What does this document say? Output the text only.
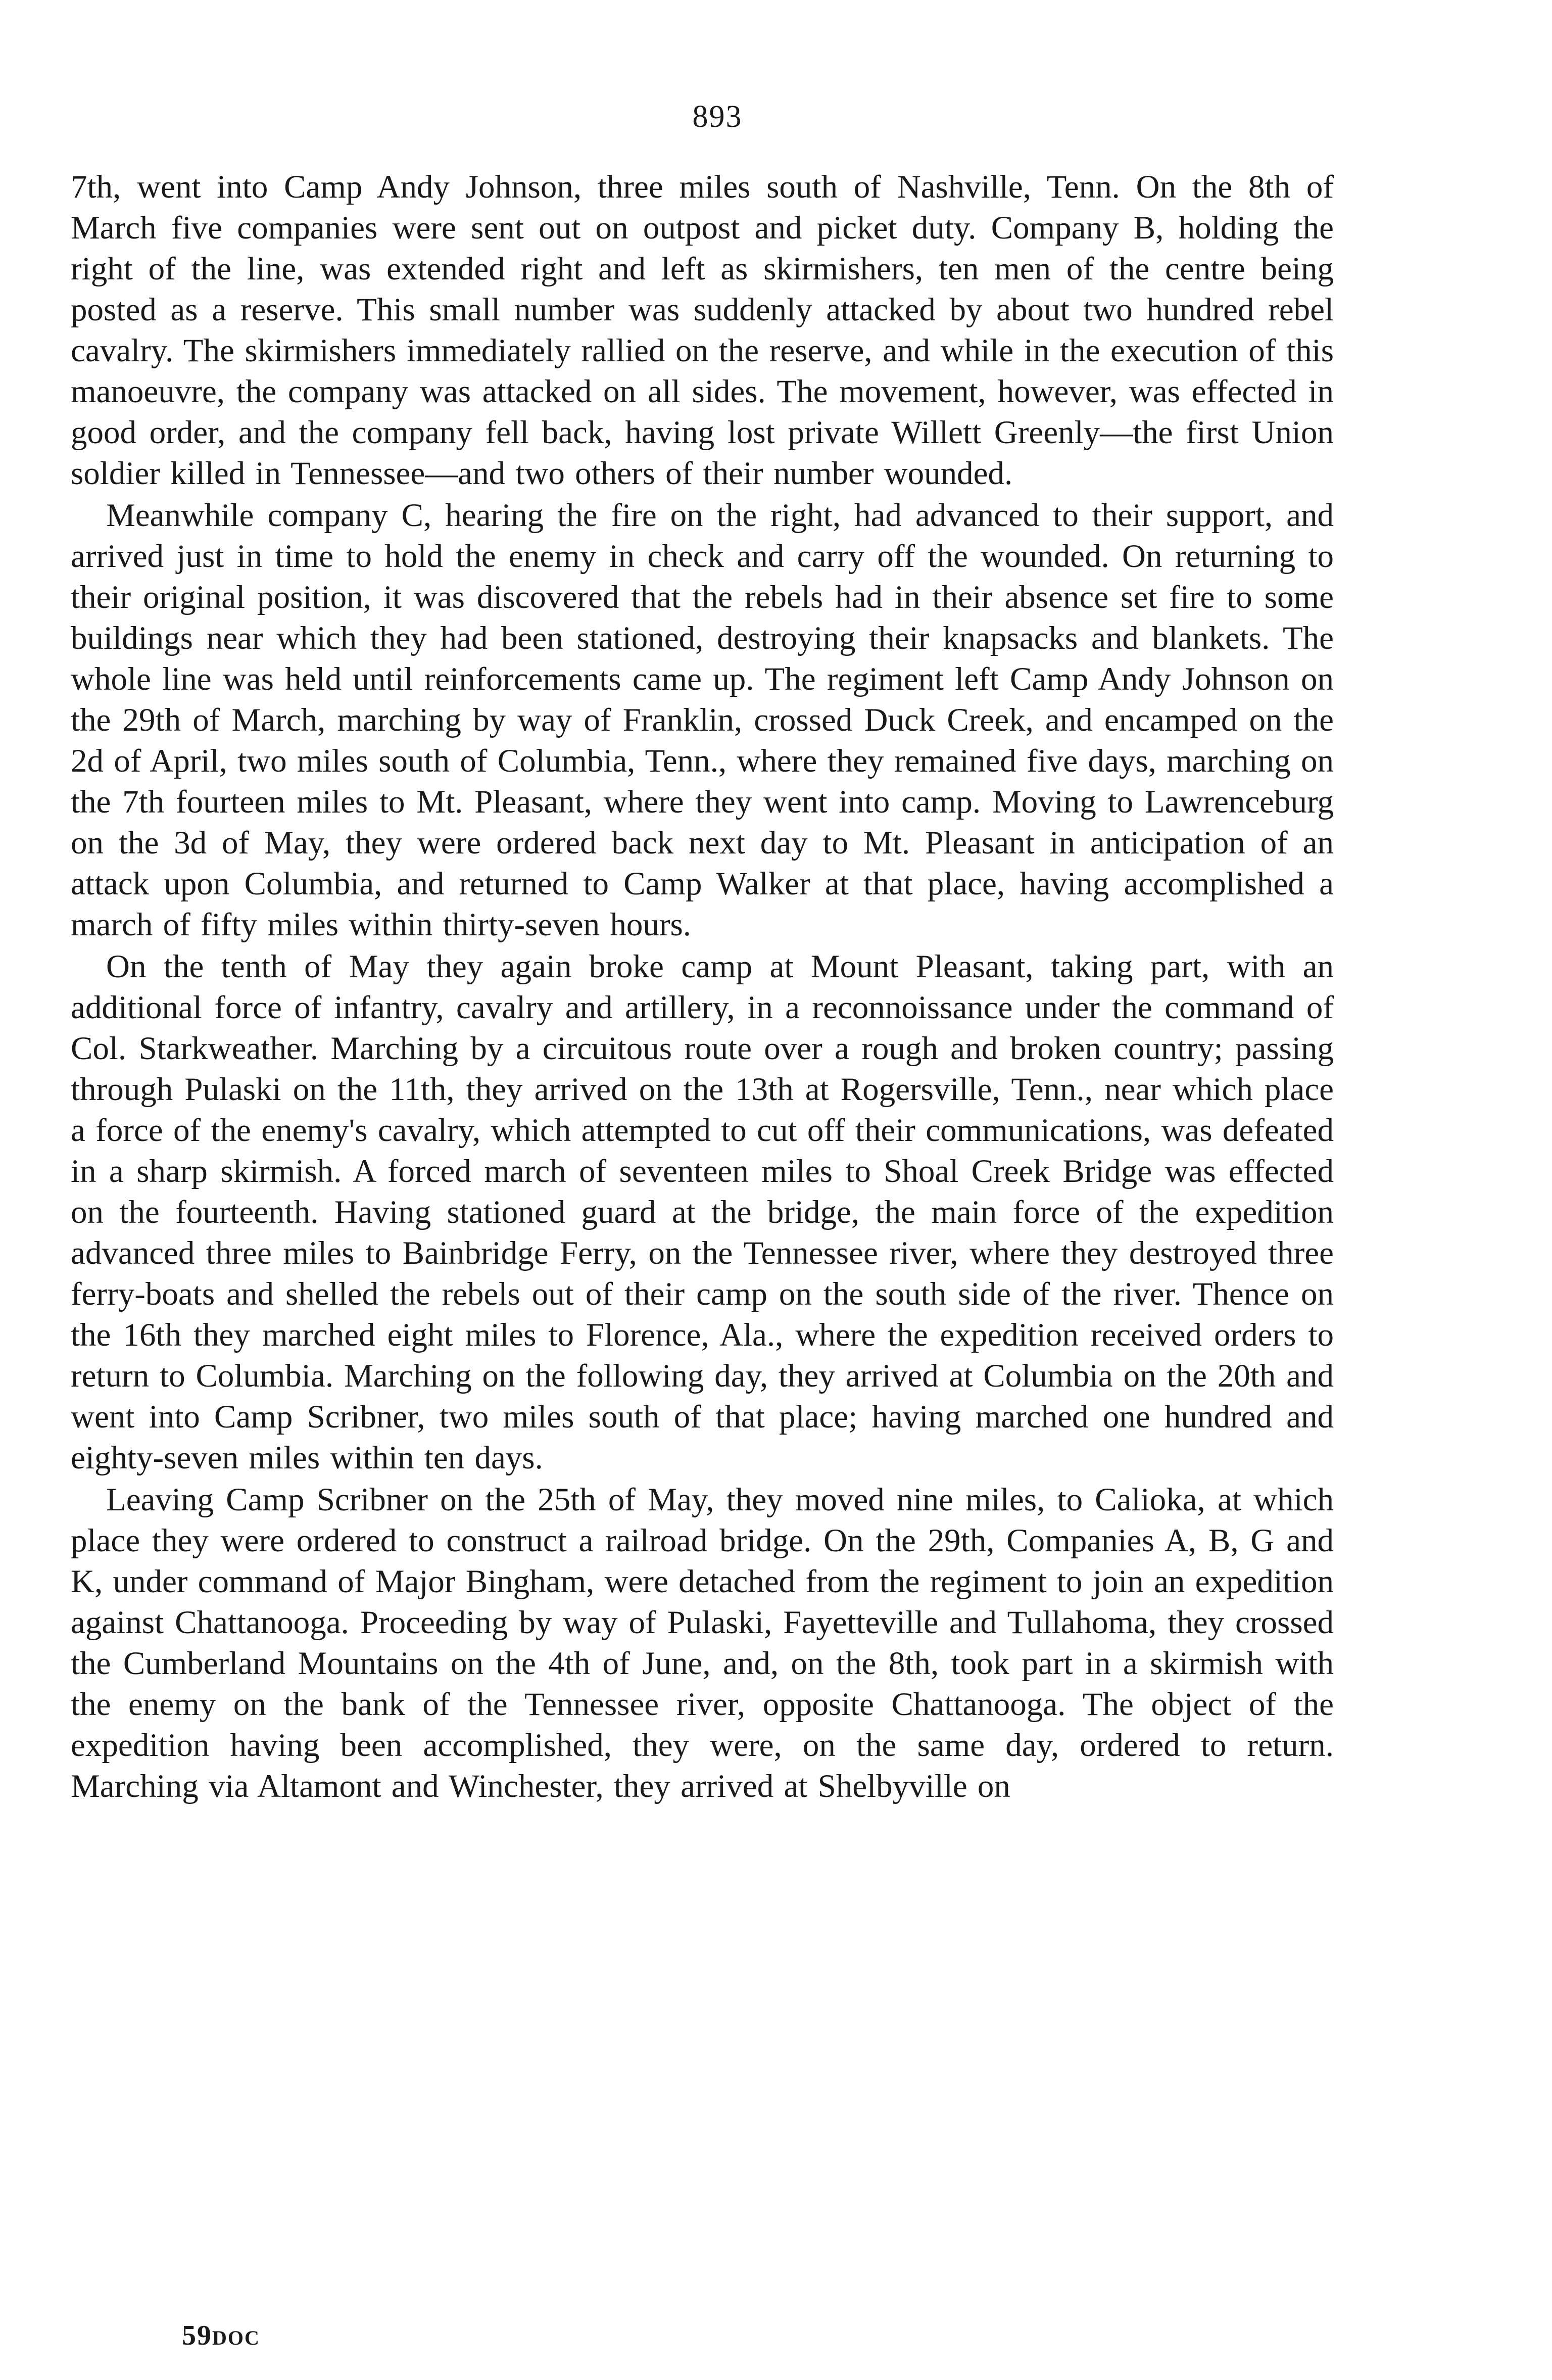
893

7th, went into Camp Andy Johnson, three miles south of Nashville, Tenn. On the 8th of March five companies were sent out on outpost and picket duty. Company B, holding the right of the line, was extended right and left as skirmishers, ten men of the centre being posted as a reserve. This small number was suddenly attacked by about two hundred rebel cavalry. The skirmishers immediately rallied on the reserve, and while in the execution of this manoeuvre, the company was attacked on all sides. The movement, however, was effected in good order, and the company fell back, having lost private Willett Greenly—the first Union soldier killed in Tennessee—and two others of their number wounded.

Meanwhile company C, hearing the fire on the right, had advanced to their support, and arrived just in time to hold the enemy in check and carry off the wounded. On returning to their original position, it was discovered that the rebels had in their absence set fire to some buildings near which they had been stationed, destroying their knapsacks and blankets. The whole line was held until reinforcements came up. The regiment left Camp Andy Johnson on the 29th of March, marching by way of Franklin, crossed Duck Creek, and encamped on the 2d of April, two miles south of Columbia, Tenn., where they remained five days, marching on the 7th fourteen miles to Mt. Pleasant, where they went into camp. Moving to Lawrenceburg on the 3d of May, they were ordered back next day to Mt. Pleasant in anticipation of an attack upon Columbia, and returned to Camp Walker at that place, having accomplished a march of fifty miles within thirty-seven hours.

On the tenth of May they again broke camp at Mount Pleasant, taking part, with an additional force of infantry, cavalry and artillery, in a reconnoissance under the command of Col. Starkweather. Marching by a circuitous route over a rough and broken country; passing through Pulaski on the 11th, they arrived on the 13th at Rogersville, Tenn., near which place a force of the enemy's cavalry, which attempted to cut off their communications, was defeated in a sharp skirmish. A forced march of seventeen miles to Shoal Creek Bridge was effected on the fourteenth. Having stationed guard at the bridge, the main force of the expedition advanced three miles to Bainbridge Ferry, on the Tennessee river, where they destroyed three ferry-boats and shelled the rebels out of their camp on the south side of the river. Thence on the 16th they marched eight miles to Florence, Ala., where the expedition received orders to return to Columbia. Marching on the following day, they arrived at Columbia on the 20th and went into Camp Scribner, two miles south of that place; having marched one hundred and eighty-seven miles within ten days.

Leaving Camp Scribner on the 25th of May, they moved nine miles, to Calioka, at which place they were ordered to construct a railroad bridge. On the 29th, Companies A, B, G and K, under command of Major Bingham, were detached from the regiment to join an expedition against Chattanooga. Proceeding by way of Pulaski, Fayetteville and Tullahoma, they crossed the Cumberland Mountains on the 4th of June, and, on the 8th, took part in a skirmish with the enemy on the bank of the Tennessee river, opposite Chattanooga. The object of the expedition having been accomplished, they were, on the same day, ordered to return. Marching via Altamont and Winchester, they arrived at Shelbyville on

59DOC
